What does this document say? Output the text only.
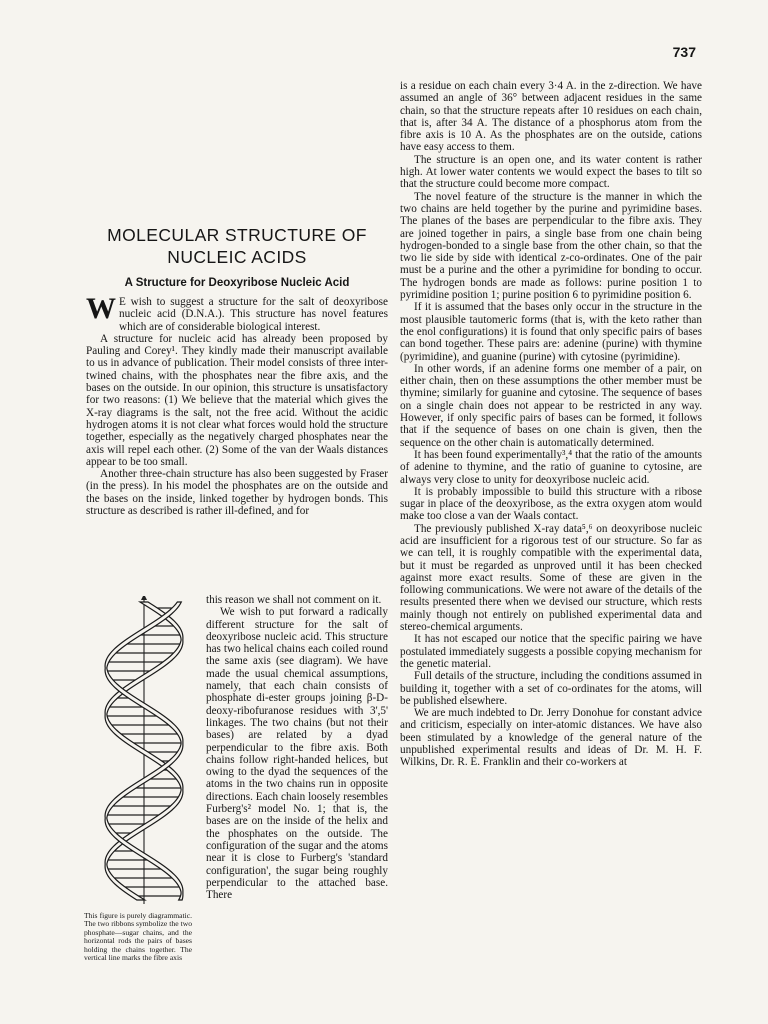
737

is a residue on each chain every 3·4 A. in the z-direction. We have assumed an angle of 36° between adjacent residues in the same chain, so that the structure repeats after 10 residues on each chain, that is, after 34 A. The distance of a phosphorus atom from the fibre axis is 10 A. As the phosphates are on the outside, cations have easy access to them.

The structure is an open one, and its water content is rather high. At lower water contents we would expect the bases to tilt so that the structure could become more compact.

The novel feature of the structure is the manner in which the two chains are held together by the purine and pyrimidine bases. The planes of the bases are perpendicular to the fibre axis. They are joined together in pairs, a single base from one chain being hydrogen-bonded to a single base from the other chain, so that the two lie side by side with identical z-co-ordinates. One of the pair must be a purine and the other a pyrimidine for bonding to occur. The hydrogen bonds are made as follows: purine position 1 to pyrimidine position 1; purine position 6 to pyrimidine position 6.

If it is assumed that the bases only occur in the structure in the most plausible tautomeric forms (that is, with the keto rather than the enol configurations) it is found that only specific pairs of bases can bond together. These pairs are: adenine (purine) with thymine (pyrimidine), and guanine (purine) with cytosine (pyrimidine).

In other words, if an adenine forms one member of a pair, on either chain, then on these assumptions the other member must be thymine; similarly for guanine and cytosine. The sequence of bases on a single chain does not appear to be restricted in any way. However, if only specific pairs of bases can be formed, it follows that if the sequence of bases on one chain is given, then the sequence on the other chain is automatically determined.

It has been found experimentally³,⁴ that the ratio of the amounts of adenine to thymine, and the ratio of guanine to cytosine, are always very close to unity for deoxyribose nucleic acid.

It is probably impossible to build this structure with a ribose sugar in place of the deoxyribose, as the extra oxygen atom would make too close a van der Waals contact.

The previously published X-ray data⁵,⁶ on deoxyribose nucleic acid are insufficient for a rigorous test of our structure. So far as we can tell, it is roughly compatible with the experimental data, but it must be regarded as unproved until it has been checked against more exact results. Some of these are given in the following communications. We were not aware of the details of the results presented there when we devised our structure, which rests mainly though not entirely on published experimental data and stereo-chemical arguments.

It has not escaped our notice that the specific pairing we have postulated immediately suggests a possible copying mechanism for the genetic material.

Full details of the structure, including the conditions assumed in building it, together with a set of co-ordinates for the atoms, will be published elsewhere.

We are much indebted to Dr. Jerry Donohue for constant advice and criticism, especially on inter-atomic distances. We have also been stimulated by a knowledge of the general nature of the unpublished experimental results and ideas of Dr. M. H. F. Wilkins, Dr. R. E. Franklin and their co-workers at

MOLECULAR STRUCTURE OF NUCLEIC ACIDS
A Structure for Deoxyribose Nucleic Acid

W E wish to suggest a structure for the salt of deoxyribose nucleic acid (D.N.A.). This structure has novel features which are of considerable biological interest.

A structure for nucleic acid has already been proposed by Pauling and Corey¹. They kindly made their manuscript available to us in advance of publication. Their model consists of three inter-twined chains, with the phosphates near the fibre axis, and the bases on the outside. In our opinion, this structure is unsatisfactory for two reasons: (1) We believe that the material which gives the X-ray diagrams is the salt, not the free acid. Without the acidic hydrogen atoms it is not clear what forces would hold the structure together, especially as the negatively charged phosphates near the axis will repel each other. (2) Some of the van der Waals distances appear to be too small.

Another three-chain structure has also been suggested by Fraser (in the press). In his model the phosphates are on the outside and the bases on the inside, linked together by hydrogen bonds. This structure as described is rather ill-defined, and for

this reason we shall not comment on it.

We wish to put forward a radically different structure for the salt of deoxyribose nucleic acid. This structure has two helical chains each coiled round the same axis (see diagram). We have made the usual chemical assumptions, namely, that each chain consists of phosphate di-ester groups joining β-D-deoxy-ribofuranose residues with 3',5' linkages. The two chains (but not their bases) are related by a dyad perpendicular to the fibre axis. Both chains follow right-handed helices, but owing to the dyad the sequences of the atoms in the two chains run in opposite directions. Each chain loosely resembles Furberg's² model No. 1; that is, the bases are on the inside of the helix and the phosphates on the outside. The configuration of the sugar and the atoms near it is close to Furberg's 'standard configuration', the sugar being roughly perpendicular to the attached base. There

This figure is purely diagrammatic. The two ribbons symbolize the two phosphate—sugar chains, and the horizontal rods the pairs of bases holding the chains together. The vertical line marks the fibre axis
